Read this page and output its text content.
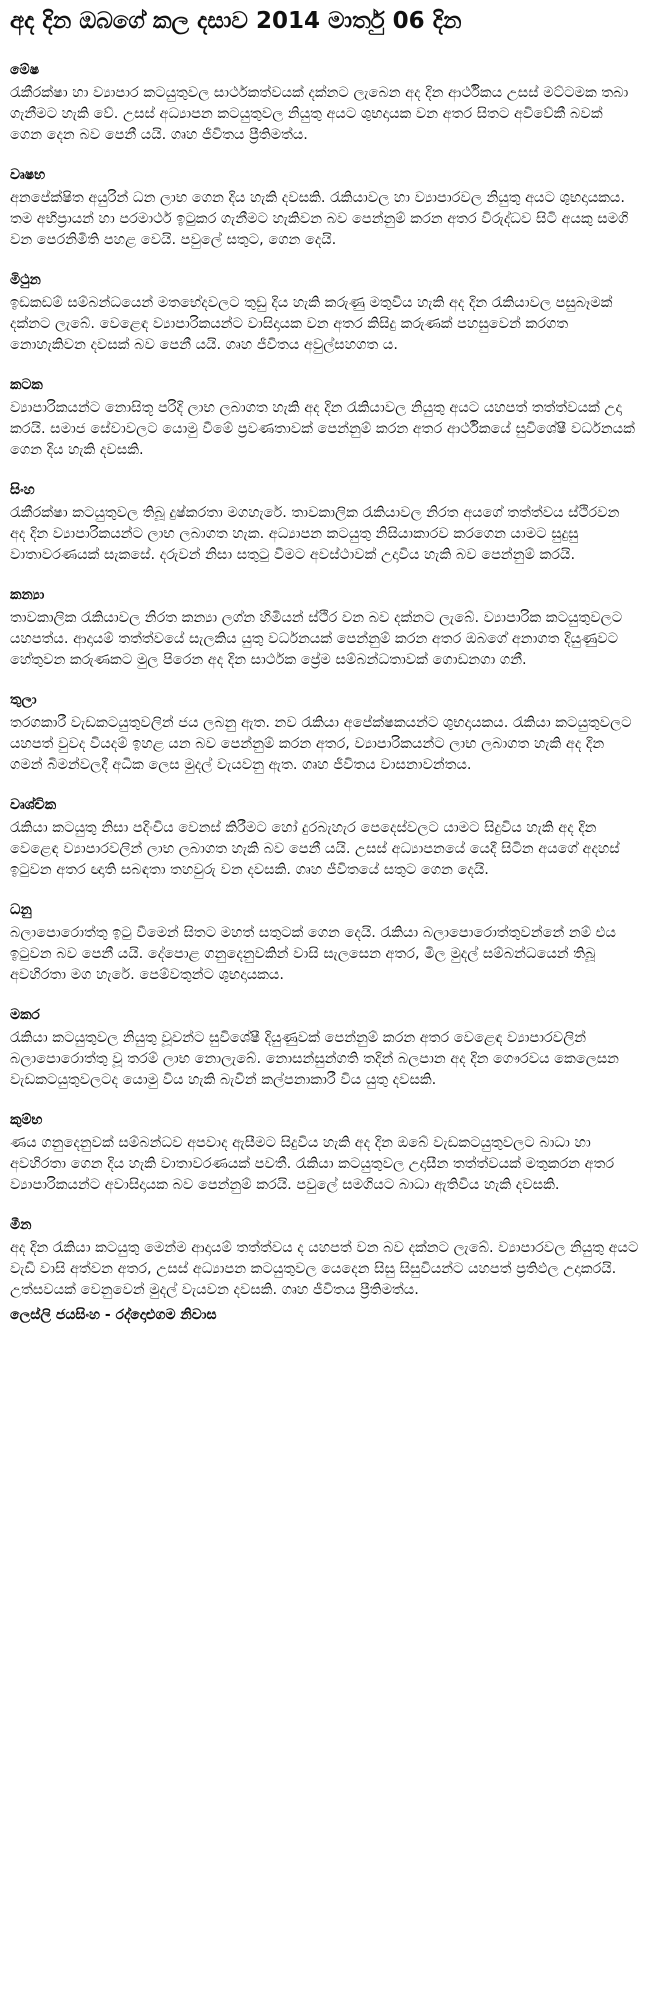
අද දින ඔබගේ කල දසාව 2014 මාර්තු 06 දින
මේෂ

රැකීරක්ෂා හා ව්‍යාපාර කටයුතුවල සාර්ථකත්වයක් දක්නට ලැබෙන අද දින ආර්ථිකය උසස් මට්ටමක තබා ගැනීමට හැකි වේ. උසස් අධ්‍යාපන කටයුතුවල නියුතු අයට ශුභදායක වන අතර සිතට අවිවේකී බවක් ගෙන දෙන බව පෙනී යයි. ගෘහ ජීවිතය ප්‍රීතිමත්ය.

වෘෂභ

අනපේක්ෂිත අයුරින් ධන ලාභ ගෙන දිය හැකි දවසකි. රැකියාවල හා ව්‍යාපාරවල නියුතු අයට ශුභදායකය. තම අභිප්‍රායන් හා පරමාර්ථ ඉටුකර ගැනීමට හැකිවන බව පෙන්නුම් කරන අතර විරුද්ධව සිටි අයකු සමගි වන පෙරනිමිති පහළ වෙයි. පවුලේ සතුට, ගෙන දෙයි.

මිථුන

ඉඩකඩම් සම්බන්ධයෙන් මතභේදවලට තුඩු දිය හැකි කරුණු මතුවිය හැකි අද දින රැකියාවල පසුබෑමක් දක්නට ලැබේ. වෙළෙඳ ව්‍යාපාරිකයන්ට වාසිදායක වන අතර කිසිදු කරුණක් පහසුවෙන් කරගත නොහැකිවන දවසක් බව පෙනී යයි. ගෘහ ජීවිතය අවුල්සහගත ය.

කටක

ව්‍යාපාරිකයන්ට නොසිතූ පරිදි ලාභ ලබාගත හැකි අද දින රැකියාවල නියුතු අයට යහපත් තත්ත්වයක් උදා කරයි. සමාජ සේවාවලට යොමු වීමේ ප්‍රවණතාවක් පෙන්නුම් කරන අතර ආර්ථිකයේ සුවිශේෂී වර්ධනයක් ගෙන දිය හැකි දවසකි.

සිංහ

රැකීරක්ෂා කටයුතුවල තිබූ දුෂ්කරතා මගහැරේ. තාවකාලික රැකියාවල නිරත අයගේ තත්ත්වය ස්ථිරවන අද දින ව්‍යාපාරිකයන්ට ලාභ ලබාගත හැක. අධ්‍යාපන කටයුතු නිසියාකාරව කරගෙන යාමට සුදුසු වාතාවරණයක් සැකසේ. දරුවන් නිසා සතුටු වීමට අවස්ථාවක් උදාවිය හැකි බව පෙන්නුම් කරයි.

කන්‍යා

තාවකාලික රැකියාවල නිරත කන්‍යා ලග්න හිමියන් ස්ථිර වන බව දක්නට ලැබේ. ව්‍යාපාරික කටයුතුවලට යහපත්ය. ආදායම් තත්ත්වයේ සැලකිය යුතු වර්ධනයක් පෙන්නුම් කරන අතර ඔබගේ අනාගත දියුණුවට හේතුවන කරුණකට මුල පිරෙන අද දින සාර්ථක ප්‍රේම සම්බන්ධතාවක් ගොඩනගා ගනී.

තුලා

තරගකාරී වැඩකටයුතුවලින් ජය ලබනු ඇත. නව රැකියා අපේක්ෂකයන්ට ශුභදායකය. රැකියා කටයුතුවලට යහපත් වුවද වියදම් ඉහළ යන බව පෙන්නුම් කරන අතර, ව්‍යාපාරිකයන්ට ලාභ ලබාගත හැකි අද දින ගමන් බිමන්වලදී අධික ලෙස මුදල් වැයවනු ඇත. ගෘහ ජීවිතය වාසනාවන්තය.

වෘශ්චික

රැකියා කටයුතු නිසා පදිංචිය වෙනස් කිරීමට හෝ දුරබැහැර පෙදෙස්වලට යාමට සිදුවිය හැකි අද දින වෙළෙඳ ව්‍යාපාරවලින් ලාභ ලබාගත හැකි බව පෙනී යයි. උසස් අධ්‍යාපනයේ යෙදී සිටින අයගේ අදහස් ඉටුවන අතර ඥාති සබඳතා තහවුරු වන දවසකි. ගෘහ ජීවිතයේ සතුට ගෙන දෙයි.

ධනු

බලාපොරොත්තු ඉටු වීමෙන් සිතට මහත් සතුටක් ගෙන දෙයි. රැකියා බලාපොරොත්තුවන්නේ නම් එය ඉටුවන බව පෙනී යයි. දේපොළ ගනුදෙනුවකින් වාසි සැලසෙන අතර, මිල මුදල් සම්බන්ධයෙන් තිබූ අවහිරතා මග හැරේ. පෙම්වතුන්ට ශුභදායකය.

මකර

රැකියා කටයුතුවල නියුතු වූවන්ට සුවිශේෂී දියුණුවක් පෙන්නුම් කරන අතර වෙළෙඳ ව්‍යාපාරවලින් බලාපොරොත්තු වූ තරම් ලාභ නොලැබේ. නොසන්සුන්ගති තදින් බලපාන අද දින ගෞරවය කෙලෙසන වැඩකටයුතුවලටද යොමු විය හැකි බැවින් කල්පනාකාරී විය යුතු දවසකි.

කුම්භ

ණය ගනුදෙනුවක් සම්බන්ධව අපවාද ඇසීමට සිදුවිය හැකි අද දින ඔබේ වැඩකටයුතුවලට බාධා හා අවහිරතා ගෙන දිය හැකි වාතාවරණයක් පවතී. රැකියා කටයුතුවල උදාසීන තත්ත්වයක් මතුකරන අතර ව්‍යාපාරිකයන්ට අවාසිදායක බව පෙන්නුම් කරයි. පවුලේ සමගියට බාධා ඇතිවිය හැකි දවසකි.

මීන

අද දින රැකියා කටයුතු මෙන්ම ආදායම් තත්ත්වය ද යහපත් වන බව දක්නට ලැබේ. ව්‍යාපාරවල නියුතු අයට වැඩි වාසි අත්වන අතර, උසස් අධ්‍යාපන කටයුතුවල යෙදෙන සිසු සිසුවියන්ට යහපත් ප්‍රතිඵල උදාකරයි. උත්සවයක් වෙනුවෙන් මුදල් වැයවන දවසකි. ගෘහ ජීවිතය ප්‍රීතිමත්ය.

ලෙස්ලි ජයසිංහ - රද්දොළුගම නිවාස
